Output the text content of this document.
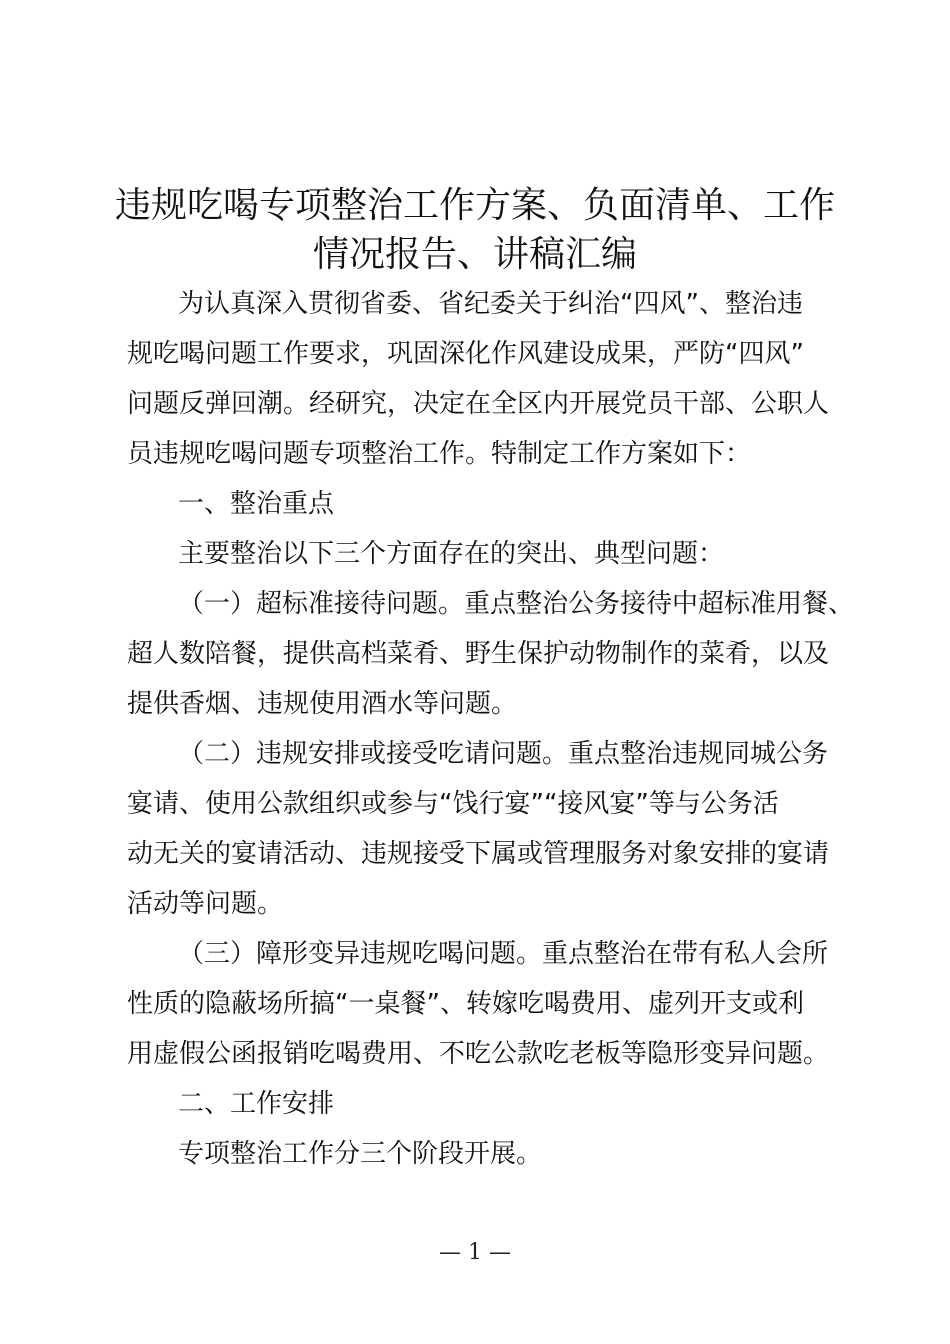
违规吃喝专项整治工作方案、负面清单、工作
情况报告、讲稿汇编
为认真深入贯彻省委、省纪委关于纠治“四风”、整治违
规吃喝问题工作要求，巩固深化作风建设成果，严防“四风”
问题反弹回潮。经研究，决定在全区内开展党员干部、公职人
员违规吃喝问题专项整治工作。特制定工作方案如下：
一、整治重点
主要整治以下三个方面存在的突出、典型问题：
（一）超标准接待问题。重点整治公务接待中超标准用餐、
超人数陪餐，提供高档菜肴、野生保护动物制作的菜肴，以及
提供香烟、违规使用酒水等问题。
（二）违规安排或接受吃请问题。重点整治违规同城公务
宴请、使用公款组织或参与“饯行宴”“接风宴”等与公务活
动无关的宴请活动、违规接受下属或管理服务对象安排的宴请
活动等问题。
（三）障形变异违规吃喝问题。重点整治在带有私人会所
性质的隐蔽场所搞“一桌餐”、转嫁吃喝费用、虚列开支或利
用虚假公函报销吃喝费用、不吃公款吃老板等隐形变异问题。
二、工作安排
专项整治工作分三个阶段开展。
— 1 —
